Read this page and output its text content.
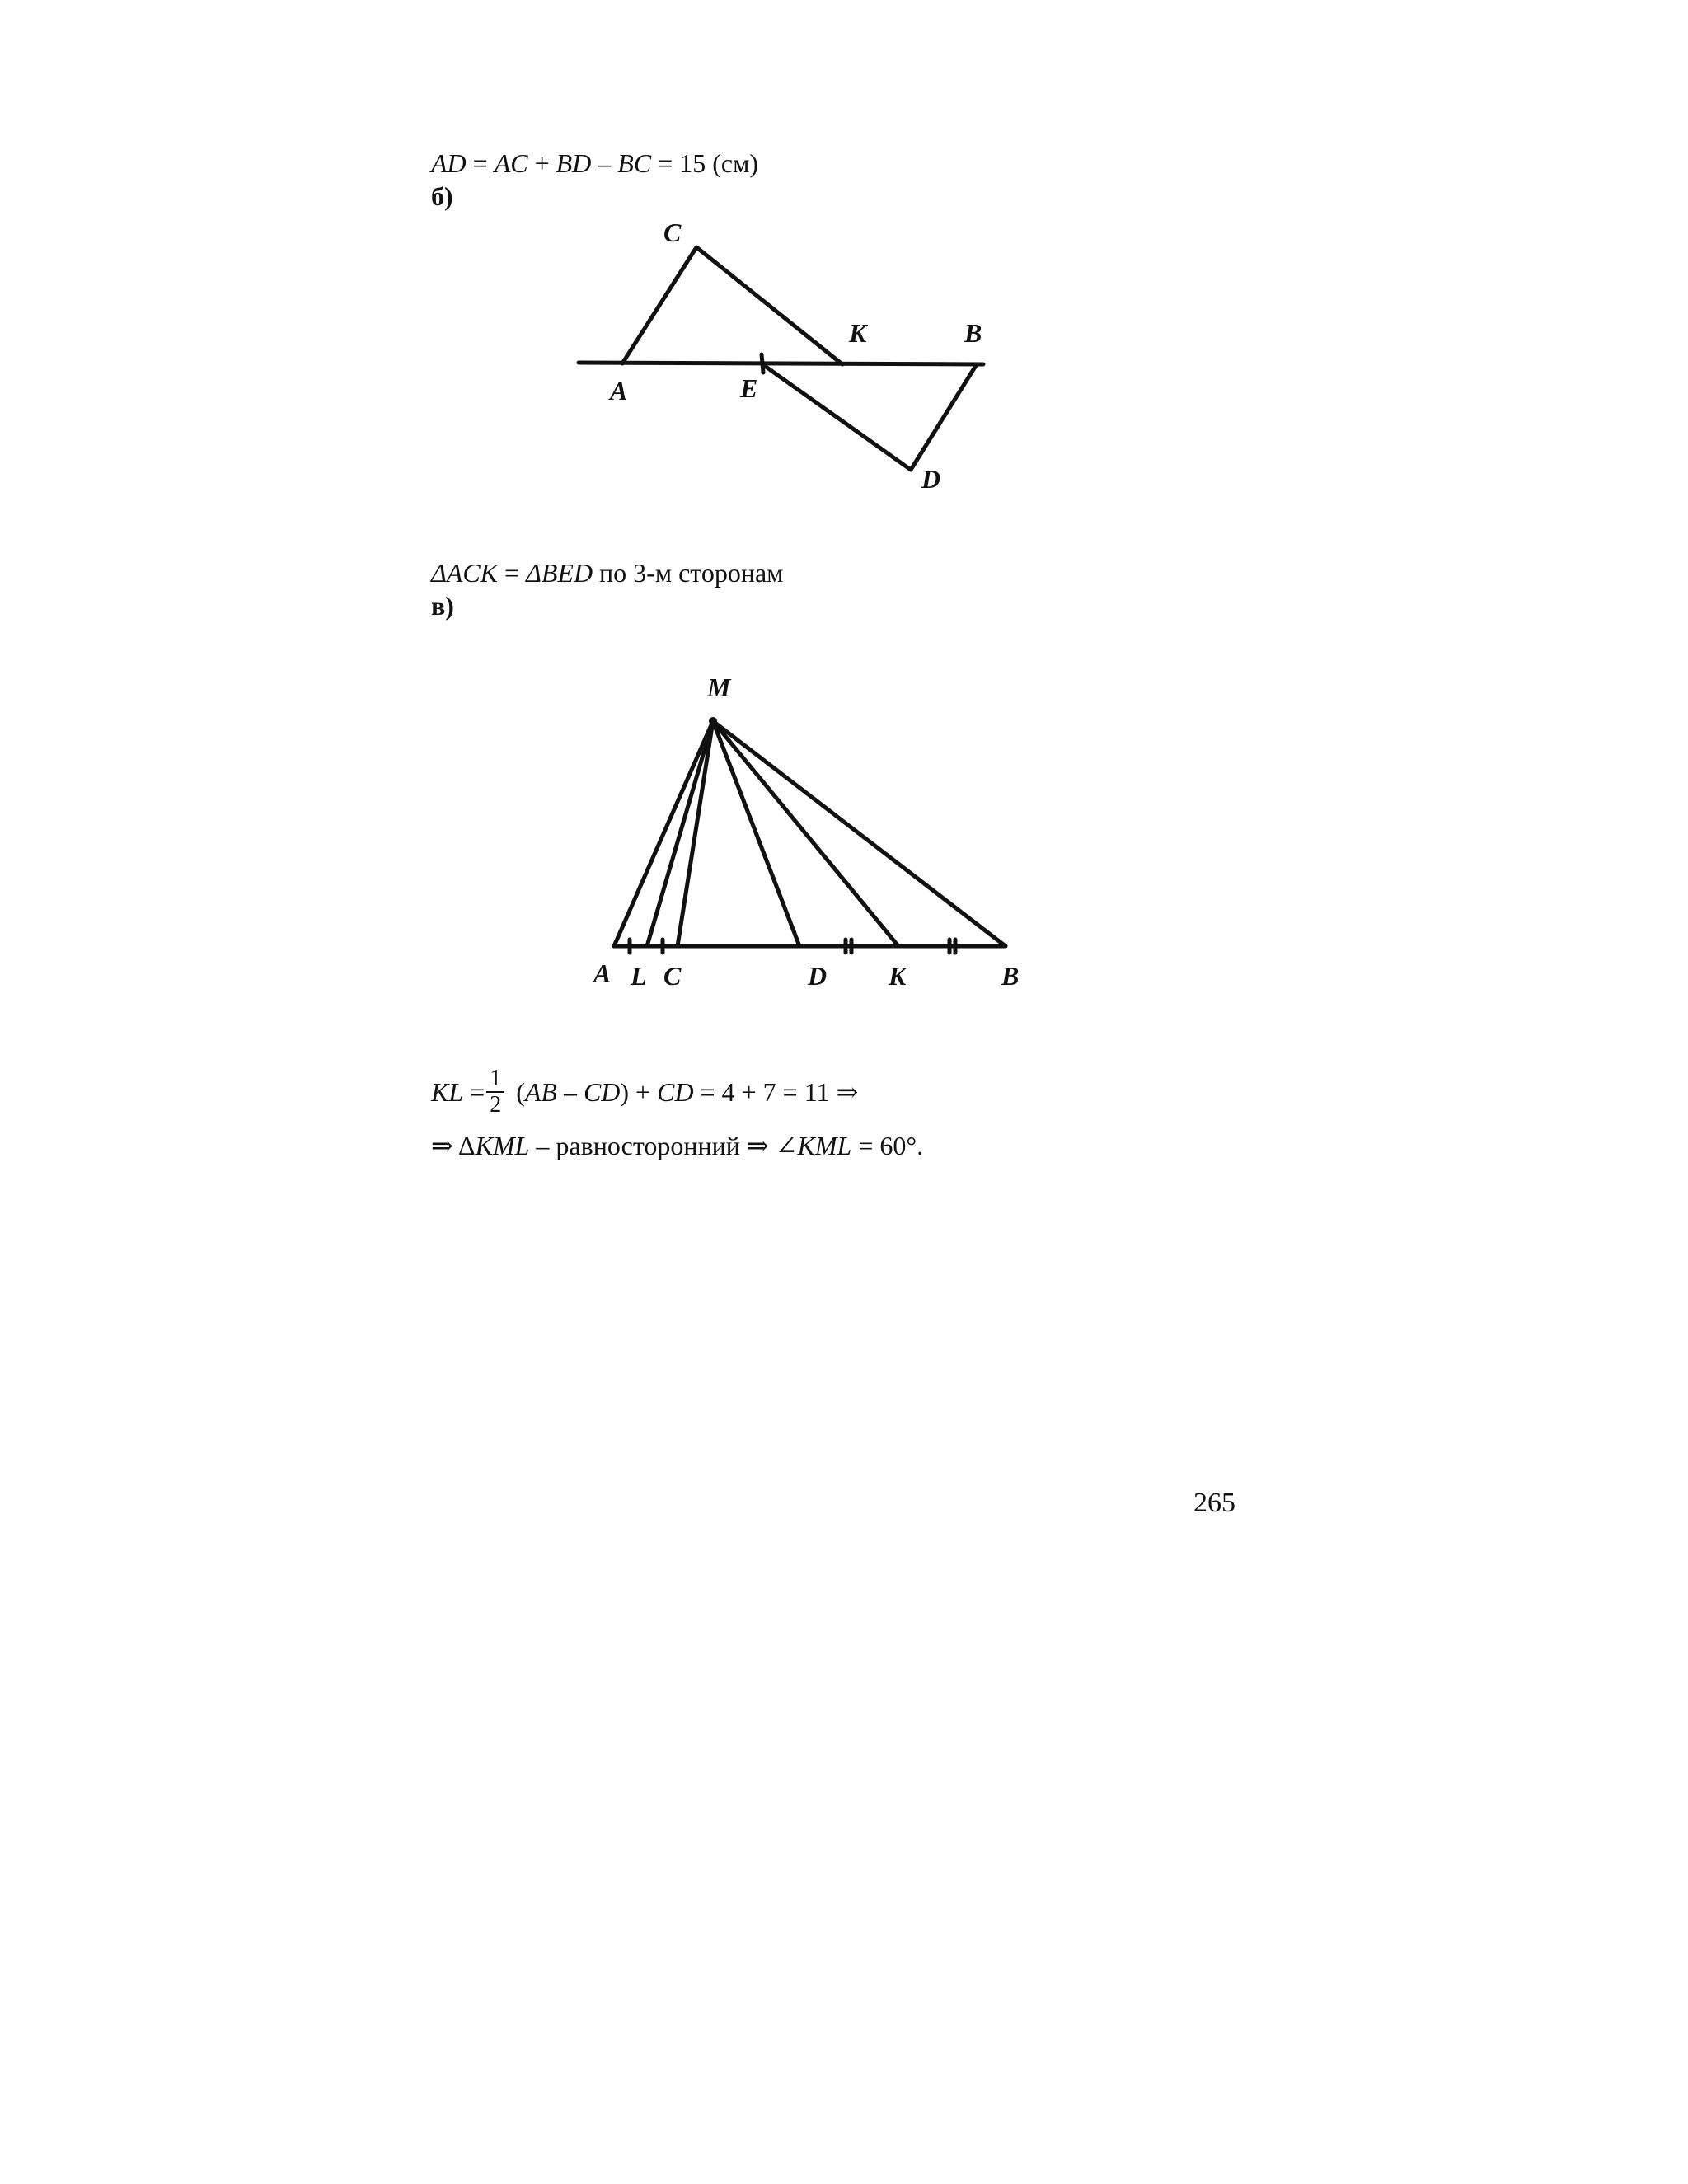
AD = AC + BD – BC = 15 (см)
б)
C
K	B
A	E
D
ΔACK = ΔBED по 3-м сторонам
в)
M
A L C	D K	B
KL = $\frac{1}{2} (AB - CD)$ + CD = 4 + 7 = 11 ⇒
⇒ ΔKML – равносторонний ⇒ ∠KML = 60°.
265
